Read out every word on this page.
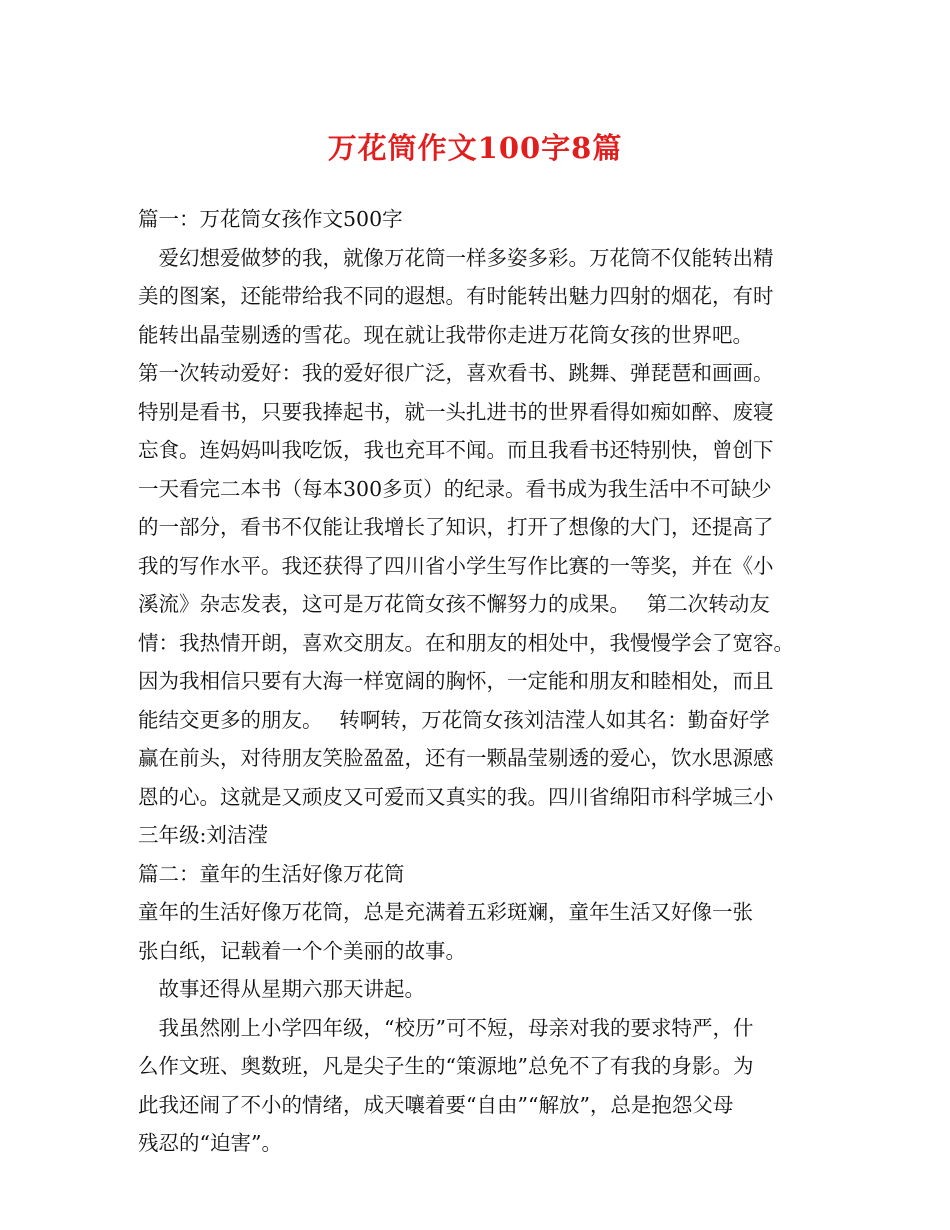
万花筒作文100字8篇
篇一：万花筒女孩作文500字
　爱幻想爱做梦的我，就像万花筒一样多姿多彩。万花筒不仅能转出精
美的图案，还能带给我不同的遐想。有时能转出魅力四射的烟花，有时
能转出晶莹剔透的雪花。现在就让我带你走进万花筒女孩的世界吧。
第一次转动爱好：我的爱好很广泛，喜欢看书、跳舞、弹琵琶和画画。
特别是看书，只要我捧起书，就一头扎进书的世界看得如痴如醉、废寝
忘食。连妈妈叫我吃饭，我也充耳不闻。而且我看书还特别快，曾创下
一天看完二本书（每本300多页）的纪录。看书成为我生活中不可缺少
的一部分，看书不仅能让我增长了知识，打开了想像的大门，还提高了
我的写作水平。我还获得了四川省小学生写作比赛的一等奖，并在《小
溪流》杂志发表，这可是万花筒女孩不懈努力的成果。　 第二次转动友
情：我热情开朗，喜欢交朋友。在和朋友的相处中，我慢慢学会了宽容。
因为我相信只要有大海一样宽阔的胸怀，一定能和朋友和睦相处，而且
能结交更多的朋友。　 转啊转，万花筒女孩刘洁滢人如其名：勤奋好学
赢在前头，对待朋友笑脸盈盈，还有一颗晶莹剔透的爱心，饮水思源感
恩的心。这就是又顽皮又可爱而又真实的我。四川省绵阳市科学城三小
三年级:刘洁滢
篇二：童年的生活好像万花筒
童年的生活好像万花筒，总是充满着五彩斑斓，童年生活又好像一张
张白纸，记载着一个个美丽的故事。
　故事还得从星期六那天讲起。
　我虽然刚上小学四年级，“校历”可不短，母亲对我的要求特严，什
么作文班、奥数班，凡是尖子生的“策源地”总免不了有我的身影。为
此我还闹了不小的情绪，成天嚷着要“自由”“解放”，总是抱怨父母
残忍的“迫害”。
